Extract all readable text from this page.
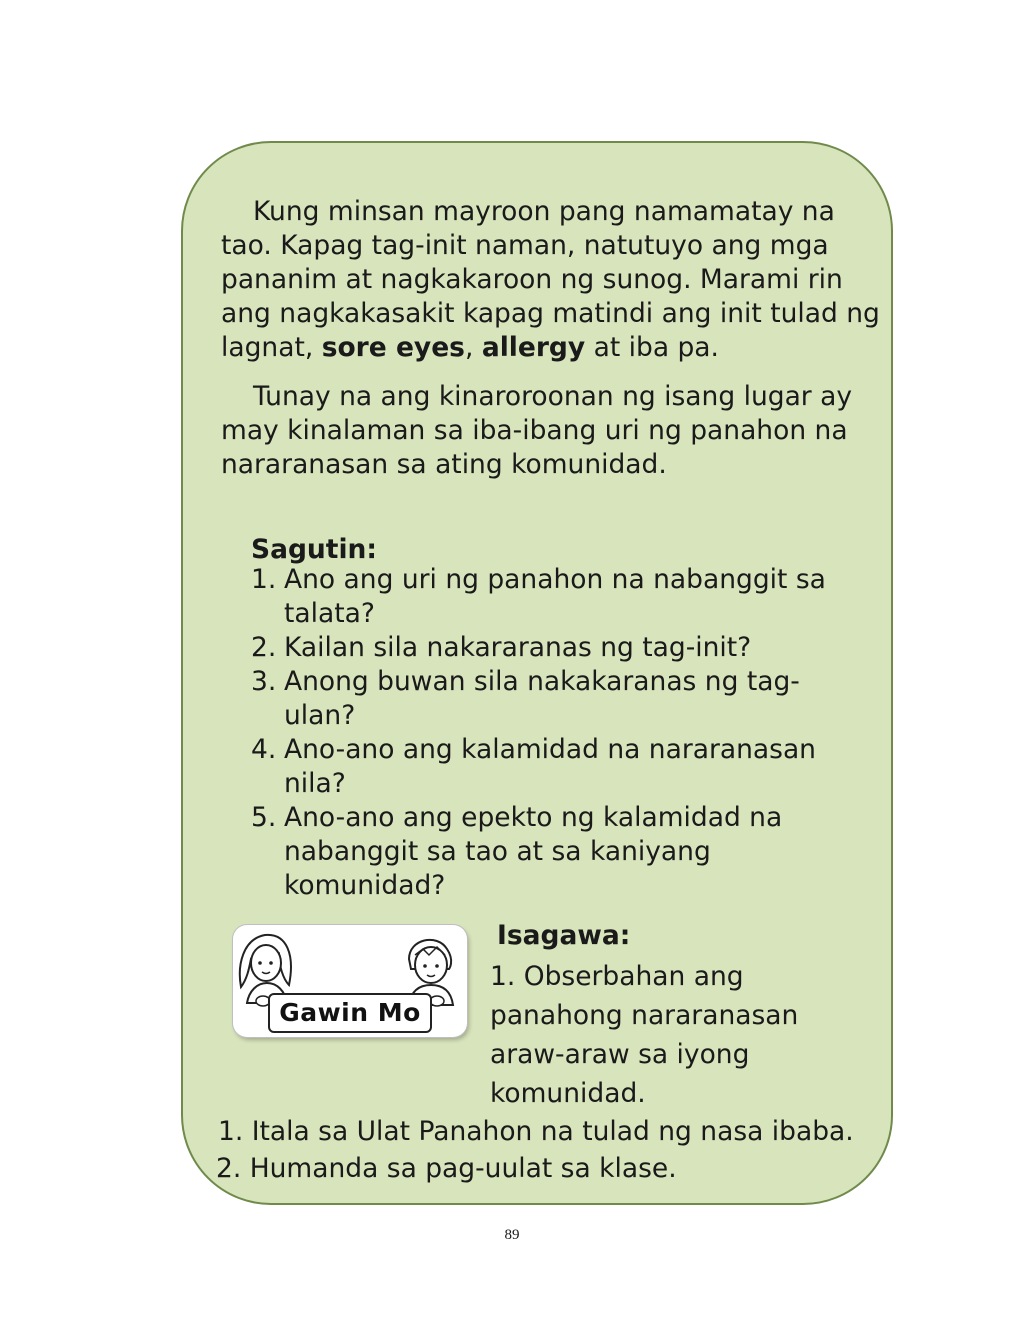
Kung minsan mayroon pang namamatay na tao. Kapag tag-init naman, natutuyo ang mga pananim at nagkakaroon ng sunog. Marami rin ang nagkakasakit kapag matindi ang init tulad ng lagnat, sore eyes, allergy at iba pa.

Tunay na ang kinaroroonan ng isang lugar ay may kinalaman sa iba-ibang uri ng panahon na nararanasan sa ating komunidad.

Sagutin:
1. Ano ang uri ng panahon na nabanggit sa talata?
2. Kailan sila nakararanas ng tag-init?
3. Anong buwan sila nakakaranas ng tag-ulan?
4. Ano-ano ang kalamidad na nararanasan nila?
5. Ano-ano ang epekto ng kalamidad na nabanggit sa tao at sa kaniyang komunidad?
Gawin Mo
Isagawa:
1. Obserbahan ang panahong nararanasan araw-araw sa iyong komunidad.
1. Itala sa Ulat Panahon na tulad ng nasa ibaba.
2. Humanda sa pag-uulat sa klase.
89
